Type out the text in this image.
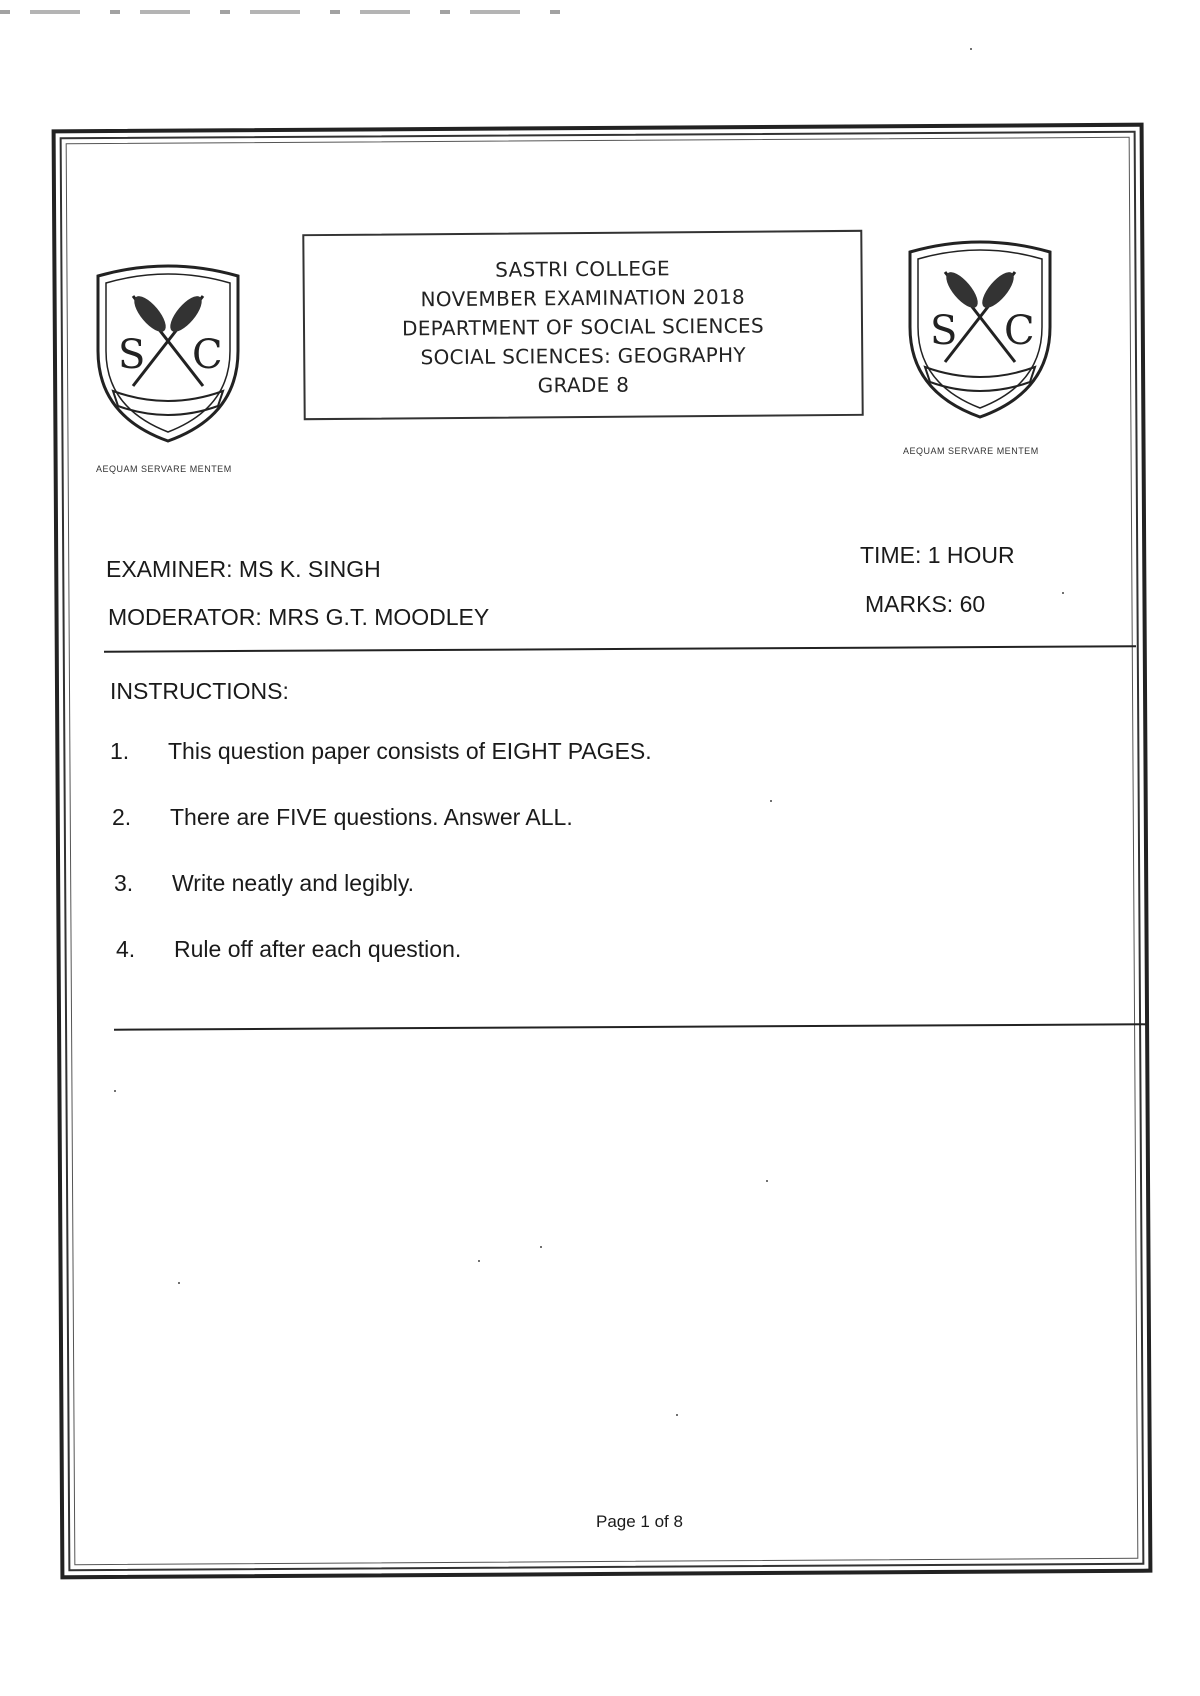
S C
AEQUAM SERVARE MENTEM
SASTRI COLLEGE
NOVEMBER EXAMINATION 2018
DEPARTMENT OF SOCIAL SCIENCES
SOCIAL SCIENCES: GEOGRAPHY
GRADE 8
S C
AEQUAM SERVARE MENTEM
EXAMINER: MS K. SINGH
MODERATOR: MRS G.T. MOODLEY
TIME: 1 HOUR
MARKS: 60
INSTRUCTIONS:
1.	This question paper consists of EIGHT PAGES.
2.	There are FIVE questions. Answer ALL.
3.	Write neatly and legibly.
4.	Rule off after each question.
Page 1 of 8
